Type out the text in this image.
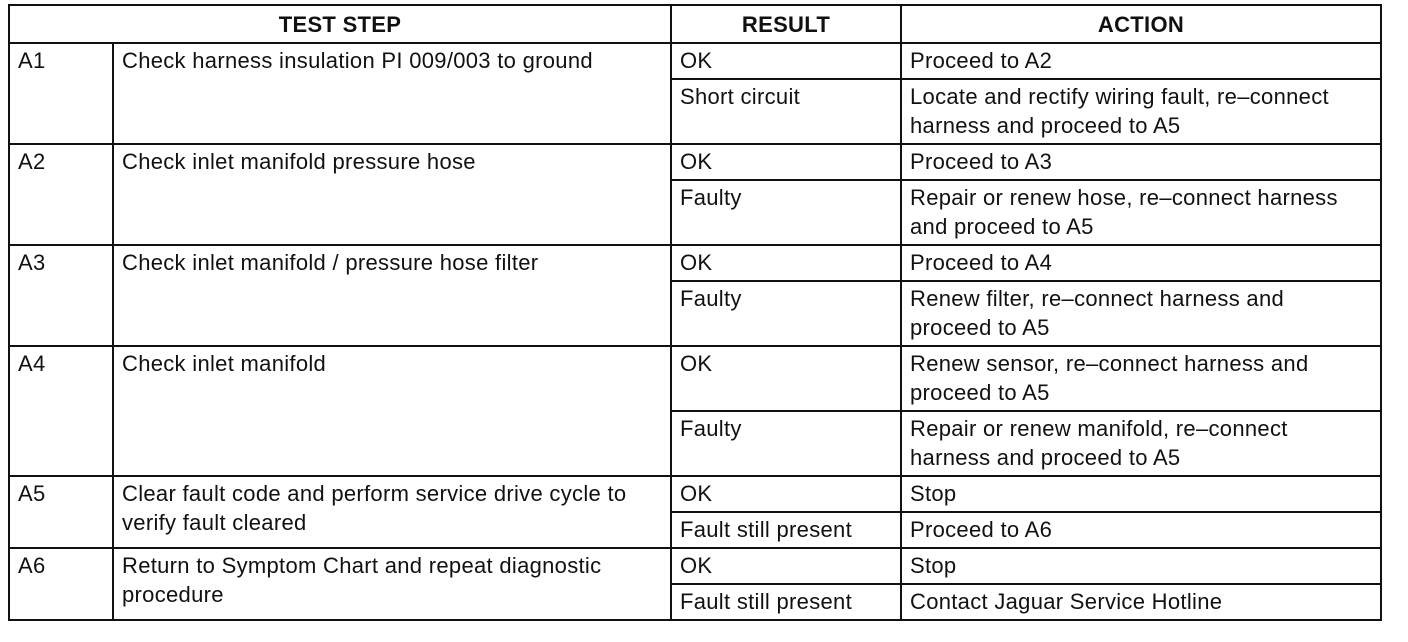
TEST STEP		RESULT	ACTION
A1	Check harness insulation PI 009/003 to ground	OK	Proceed to A2
		Short circuit	Locate and rectify wiring fault, re–connect harness and proceed to A5
A2	Check inlet manifold pressure hose	OK	Proceed to A3
		Faulty	Repair or renew hose, re–connect harness and proceed to A5
A3	Check inlet manifold / pressure hose filter	OK	Proceed to A4
		Faulty	Renew filter, re–connect harness and proceed to A5
A4	Check inlet manifold	OK	Renew sensor, re–connect harness and proceed to A5
		Faulty	Repair or renew manifold, re–connect harness and proceed to A5
A5	Clear fault code and perform service drive cycle to verify fault cleared	OK	Stop
		Fault still present	Proceed to A6
A6	Return to Symptom Chart and repeat diagnostic procedure	OK	Stop
		Fault still present	Contact Jaguar Service Hotline
